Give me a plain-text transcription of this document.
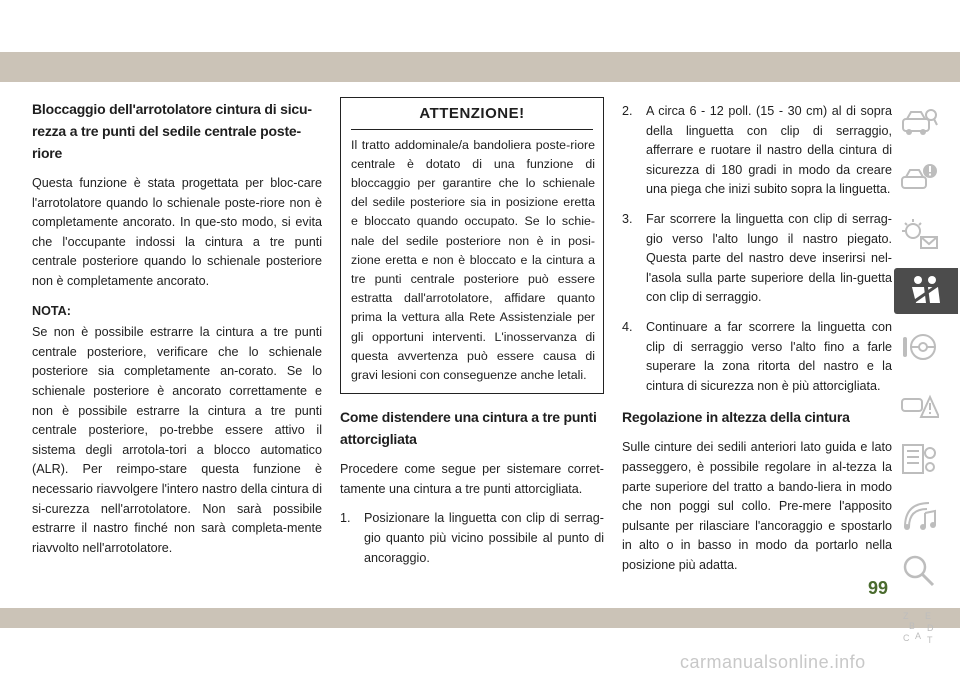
Bloccaggio dell'arrotolatore cintura di sicu-rezza a tre punti del sedile centrale poste-riore

Questa funzione è stata progettata per bloc-care l'arrotolatore quando lo schienale poste-riore non è completamente ancorato. In que-sto modo, si evita che l'occupante indossi la cintura a tre punti centrale posteriore quando lo schienale posteriore non è completamente ancorato.

NOTA:

Se non è possibile estrarre la cintura a tre punti centrale posteriore, verificare che lo schienale posteriore sia completamente an-corato. Se lo schienale posteriore è ancorato correttamente e non è possibile estrarre la cintura a tre punti centrale posteriore, po-trebbe essere attivo il sistema degli arrotola-tori a blocco automatico (ALR). Per reimpo-stare questa funzione è necessario riavvolgere l'intero nastro della cintura di si-curezza nell'arrotolatore. Non sarà possibile estrarre il nastro finché non sarà completa-mente riavvolto nell'arrotolatore.

ATTENZIONE!
Il tratto addominale/a bandoliera poste-riore centrale è dotato di una funzione di bloccaggio per garantire che lo schienale del sedile posteriore sia in posizione eretta e bloccato quando occupato. Se lo schie-nale del sedile posteriore non è in posi-zione eretta e non è bloccato e la cintura a tre punti centrale posteriore può essere estratta dall'arrotolatore, affidare quanto prima la vettura alla Rete Assistenziale per gli opportuni interventi. L'inosservanza di questa avvertenza può essere causa di gravi lesioni con conseguenze anche letali.
Come distendere una cintura a tre punti attorcigliata

Procedere come segue per sistemare corret-tamente una cintura a tre punti attorcigliata.

1. Posizionare la linguetta con clip di serrag-gio quanto più vicino possibile al punto di ancoraggio.
2. A circa 6 - 12 poll. (15 - 30 cm) al di sopra della linguetta con clip di serraggio, afferrare e ruotare il nastro della cintura di sicurezza di 180 gradi in modo da creare una piega che inizi subito sopra la linguetta.
3. Far scorrere la linguetta con clip di serrag-gio verso l'alto lungo il nastro piegato. Questa parte del nastro deve inserirsi nel-l'asola sulla parte superiore della lin-guetta con clip di serraggio.
4. Continuare a far scorrere la linguetta con clip di serraggio verso l'alto fino a farle superare la zona ritorta del nastro e la cintura di sicurezza non è più attorcigliata.
Regolazione in altezza della cintura

Sulle cinture dei sedili anteriori lato guida e lato passeggero, è possibile regolare in al-tezza la parte superiore del tratto a bando-liera in modo che non poggi sul collo. Pre-mere l'apposito pulsante per rilasciare l'ancoraggio e spostarlo in alto o in basso in modo da portarlo nella posizione più adatta.

Z E
B D
C A T
99
carmanualsonline.info
